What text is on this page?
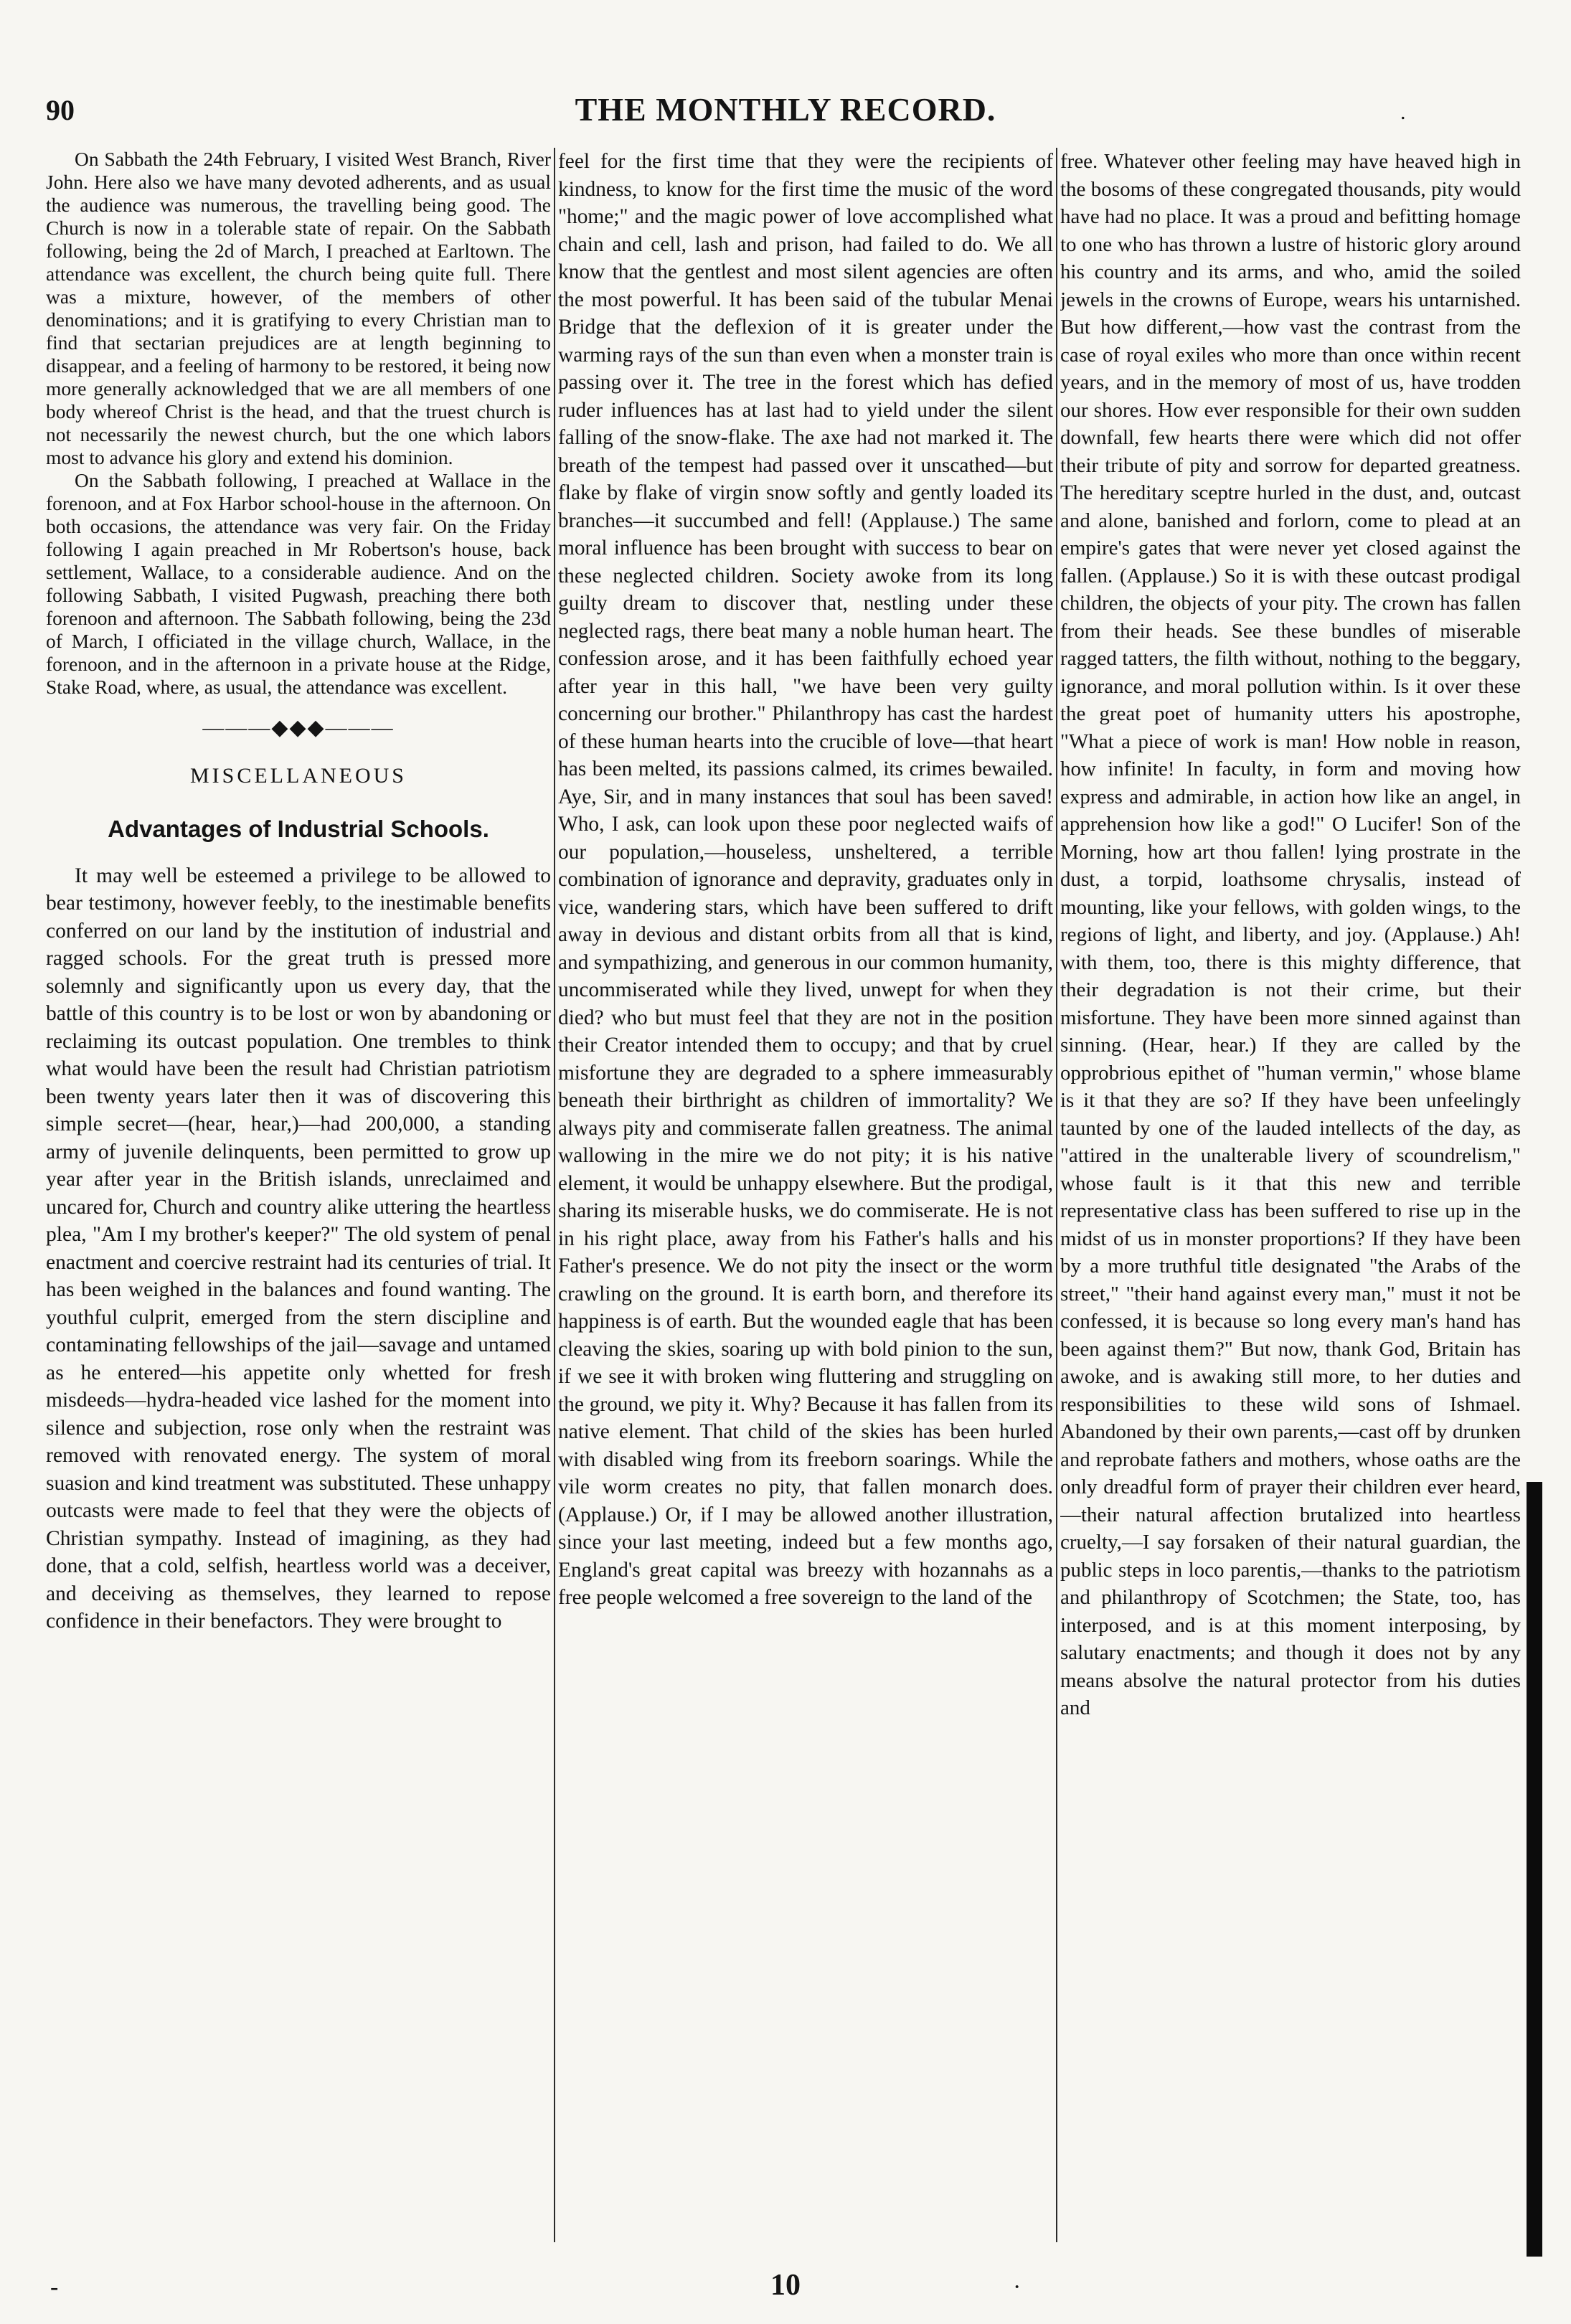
90	THE MONTHLY RECORD.	.

On Sabbath the 24th February, I visited West Branch, River John. Here also we have many devoted adherents, and as usual the audience was numerous, the travelling being good. The Church is now in a tolerable state of repair. On the Sabbath following, being the 2d of March, I preached at Earltown. The attendance was excellent, the church being quite full. There was a mixture, however, of the members of other denominations; and it is gratifying to every Christian man to find that sectarian prejudices are at length beginning to disappear, and a feeling of harmony to be restored, it being now more generally acknowledged that we are all members of one body whereof Christ is the head, and that the truest church is not necessarily the newest church, but the one which labors most to advance his glory and extend his dominion.

On the Sabbath following, I preached at Wallace in the forenoon, and at Fox Harbor school-house in the afternoon. On both occasions, the attendance was very fair. On the Friday following I again preached in Mr Robertson's house, back settlement, Wallace, to a considerable audience. And on the following Sabbath, I visited Pugwash, preaching there both forenoon and afternoon. The Sabbath following, being the 23d of March, I officiated in the village church, Wallace, in the forenoon, and in the afternoon in a private house at the Ridge, Stake Road, where, as usual, the attendance was excellent.

———◆◆◆———
MISCELLANEOUS
Advantages of Industrial Schools.

It may well be esteemed a privilege to be allowed to bear testimony, however feebly, to the inestimable benefits conferred on our land by the institution of industrial and ragged schools. For the great truth is pressed more solemnly and significantly upon us every day, that the battle of this country is to be lost or won by abandoning or reclaiming its outcast population. One trembles to think what would have been the result had Christian patriotism been twenty years later then it was of discovering this simple secret—(hear, hear,)—had 200,000, a standing army of juvenile delinquents, been permitted to grow up year after year in the British islands, unreclaimed and uncared for, Church and country alike uttering the heartless plea, "Am I my brother's keeper?" The old system of penal enactment and coercive restraint had its centuries of trial. It has been weighed in the balances and found wanting. The youthful culprit, emerged from the stern discipline and contaminating fellowships of the jail—savage and untamed as he entered—his appetite only whetted for fresh misdeeds—hydra-headed vice lashed for the moment into silence and subjection, rose only when the restraint was removed with renovated energy. The system of moral suasion and kind treatment was substituted. These unhappy outcasts were made to feel that they were the objects of Christian sympathy. Instead of imagining, as they had done, that a cold, selfish, heartless world was a deceiver, and deceiving as themselves, they learned to repose confidence in their benefactors. They were brought to

feel for the first time that they were the recipients of kindness, to know for the first time the music of the word "home;" and the magic power of love accomplished what chain and cell, lash and prison, had failed to do. We all know that the gentlest and most silent agencies are often the most powerful. It has been said of the tubular Menai Bridge that the deflexion of it is greater under the warming rays of the sun than even when a monster train is passing over it. The tree in the forest which has defied ruder influences has at last had to yield under the silent falling of the snow-flake. The axe had not marked it. The breath of the tempest had passed over it unscathed—but flake by flake of virgin snow softly and gently loaded its branches—it succumbed and fell! (Applause.) The same moral influence has been brought with success to bear on these neglected children. Society awoke from its long guilty dream to discover that, nestling under these neglected rags, there beat many a noble human heart. The confession arose, and it has been faithfully echoed year after year in this hall, "we have been very guilty concerning our brother." Philanthropy has cast the hardest of these human hearts into the crucible of love—that heart has been melted, its passions calmed, its crimes bewailed. Aye, Sir, and in many instances that soul has been saved! Who, I ask, can look upon these poor neglected waifs of our population,—houseless, unsheltered, a terrible combination of ignorance and depravity, graduates only in vice, wandering stars, which have been suffered to drift away in devious and distant orbits from all that is kind, and sympathizing, and generous in our common humanity, uncommiserated while they lived, unwept for when they died? who but must feel that they are not in the position their Creator intended them to occupy; and that by cruel misfortune they are degraded to a sphere immeasurably beneath their birthright as children of immortality? We always pity and commiserate fallen greatness. The animal wallowing in the mire we do not pity; it is his native element, it would be unhappy elsewhere. But the prodigal, sharing its miserable husks, we do commiserate. He is not in his right place, away from his Father's halls and his Father's presence. We do not pity the insect or the worm crawling on the ground. It is earth born, and therefore its happiness is of earth. But the wounded eagle that has been cleaving the skies, soaring up with bold pinion to the sun, if we see it with broken wing fluttering and struggling on the ground, we pity it. Why? Because it has fallen from its native element. That child of the skies has been hurled with disabled wing from its freeborn soarings. While the vile worm creates no pity, that fallen monarch does. (Applause.) Or, if I may be allowed another illustration, since your last meeting, indeed but a few months ago, England's great capital was breezy with hozannahs as a free people welcomed a free sovereign to the land of the

free. Whatever other feeling may have heaved high in the bosoms of these congregated thousands, pity would have had no place. It was a proud and befitting homage to one who has thrown a lustre of historic glory around his country and its arms, and who, amid the soiled jewels in the crowns of Europe, wears his untarnished. But how different,—how vast the contrast from the case of royal exiles who more than once within recent years, and in the memory of most of us, have trodden our shores. How ever responsible for their own sudden downfall, few hearts there were which did not offer their tribute of pity and sorrow for departed greatness. The hereditary sceptre hurled in the dust, and, outcast and alone, banished and forlorn, come to plead at an empire's gates that were never yet closed against the fallen. (Applause.) So it is with these outcast prodigal children, the objects of your pity. The crown has fallen from their heads. See these bundles of miserable ragged tatters, the filth without, nothing to the beggary, ignorance, and moral pollution within. Is it over these the great poet of humanity utters his apostrophe, "What a piece of work is man! How noble in reason, how infinite! In faculty, in form and moving how express and admirable, in action how like an angel, in apprehension how like a god!" O Lucifer! Son of the Morning, how art thou fallen! lying prostrate in the dust, a torpid, loathsome chrysalis, instead of mounting, like your fellows, with golden wings, to the regions of light, and liberty, and joy. (Applause.) Ah! with them, too, there is this mighty difference, that their degradation is not their crime, but their misfortune. They have been more sinned against than sinning. (Hear, hear.) If they are called by the opprobrious epithet of "human vermin," whose blame is it that they are so? If they have been unfeelingly taunted by one of the lauded intellects of the day, as "attired in the unalterable livery of scoundrelism," whose fault is it that this new and terrible representative class has been suffered to rise up in the midst of us in monster proportions? If they have been by a more truthful title designated "the Arabs of the street," "their hand against every man," must it not be confessed, it is because so long every man's hand has been against them?" But now, thank God, Britain has awoke, and is awaking still more, to her duties and responsibilities to these wild sons of Ishmael. Abandoned by their own parents,—cast off by drunken and reprobate fathers and mothers, whose oaths are the only dreadful form of prayer their children ever heard,—their natural affection brutalized into heartless cruelty,—I say forsaken of their natural guardian, the public steps in loco parentis,—thanks to the patriotism and philanthropy of Scotchmen; the State, too, has interposed, and is at this moment interposing, by salutary enactments; and though it does not by any means absolve the natural protector from his duties and

10
-	·
